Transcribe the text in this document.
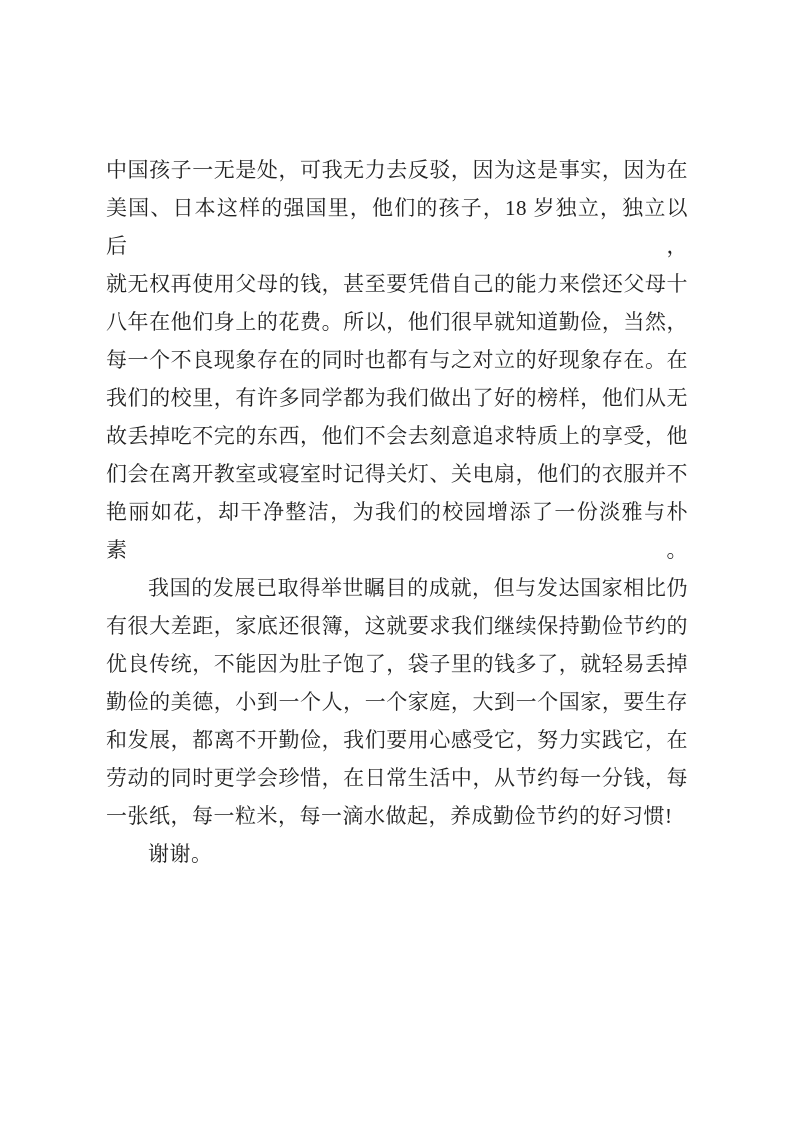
中国孩子一无是处，可我无力去反驳，因为这是事实，因为在
美国、日本这样的强国里，他们的孩子，18 岁独立，独立以后，
就无权再使用父母的钱，甚至要凭借自己的能力来偿还父母十
八年在他们身上的花费。所以，他们很早就知道勤俭，当然，
每一个不良现象存在的同时也都有与之对立的好现象存在。在
我们的校里，有许多同学都为我们做出了好的榜样，他们从无
故丢掉吃不完的东西，他们不会去刻意追求特质上的享受，他
们会在离开教室或寝室时记得关灯、关电扇，他们的衣服并不
艳丽如花，却干净整洁，为我们的校园增添了一份淡雅与朴素。
我国的发展已取得举世瞩目的成就，但与发达国家相比仍
有很大差距，家底还很簿，这就要求我们继续保持勤俭节约的
优良传统，不能因为肚子饱了，袋子里的钱多了，就轻易丢掉
勤俭的美德，小到一个人，一个家庭，大到一个国家，要生存
和发展，都离不开勤俭，我们要用心感受它，努力实践它，在
劳动的同时更学会珍惜，在日常生活中，从节约每一分钱，每
一张纸，每一粒米，每一滴水做起，养成勤俭节约的好习惯!
谢谢。
